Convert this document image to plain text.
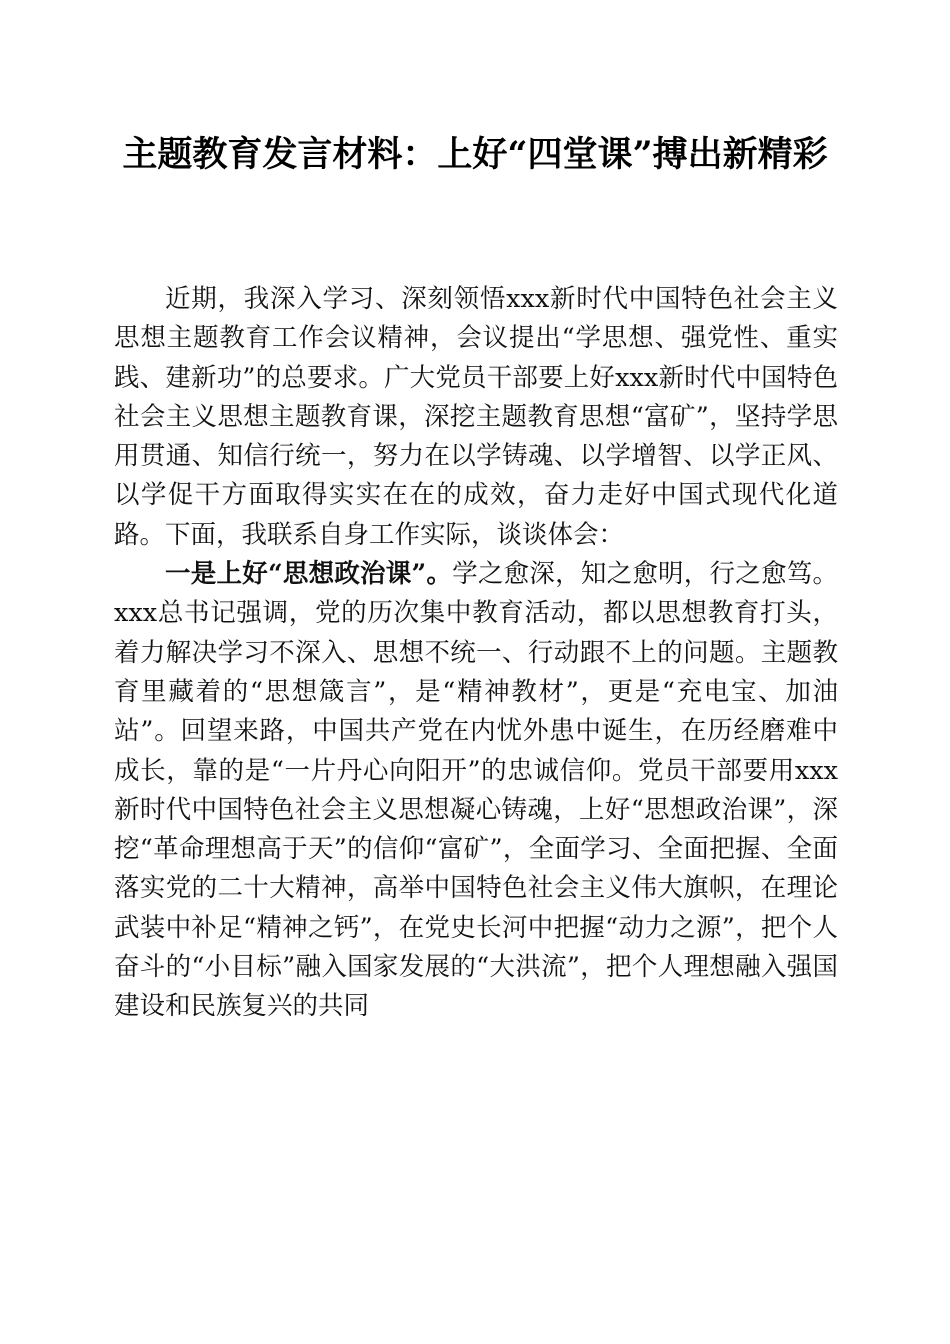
主题教育发言材料：上好“四堂课”搏出新精彩

近期，我深入学习、深刻领悟xxx新时代中国特色社会主义思想主题教育工作会议精神，会议提出“学思想、强党性、重实践、建新功”的总要求。广大党员干部要上好xxx新时代中国特色社会主义思想主题教育课，深挖主题教育思想“富矿”，坚持学思用贯通、知信行统一，努力在以学铸魂、以学增智、以学正风、以学促干方面取得实实在在的成效，奋力走好中国式现代化道路。下面，我联系自身工作实际，谈谈体会：

一是上好“思想政治课”。学之愈深，知之愈明，行之愈笃。xxx总书记强调，党的历次集中教育活动，都以思想教育打头，着力解决学习不深入、思想不统一、行动跟不上的问题。主题教育里藏着的“思想箴言”，是“精神教材”，更是“充电宝、加油站”。回望来路，中国共产党在内忧外患中诞生，在历经磨难中成长，靠的是“一片丹心向阳开”的忠诚信仰。党员干部要用xxx新时代中国特色社会主义思想凝心铸魂，上好“思想政治课”，深挖“革命理想高于天”的信仰“富矿”，全面学习、全面把握、全面落实党的二十大精神，高举中国特色社会主义伟大旗帜，在理论武装中补足“精神之钙”，在党史长河中把握“动力之源”，把个人奋斗的“小目标”融入国家发展的“大洪流”，把个人理想融入强国建设和民族复兴的共同
